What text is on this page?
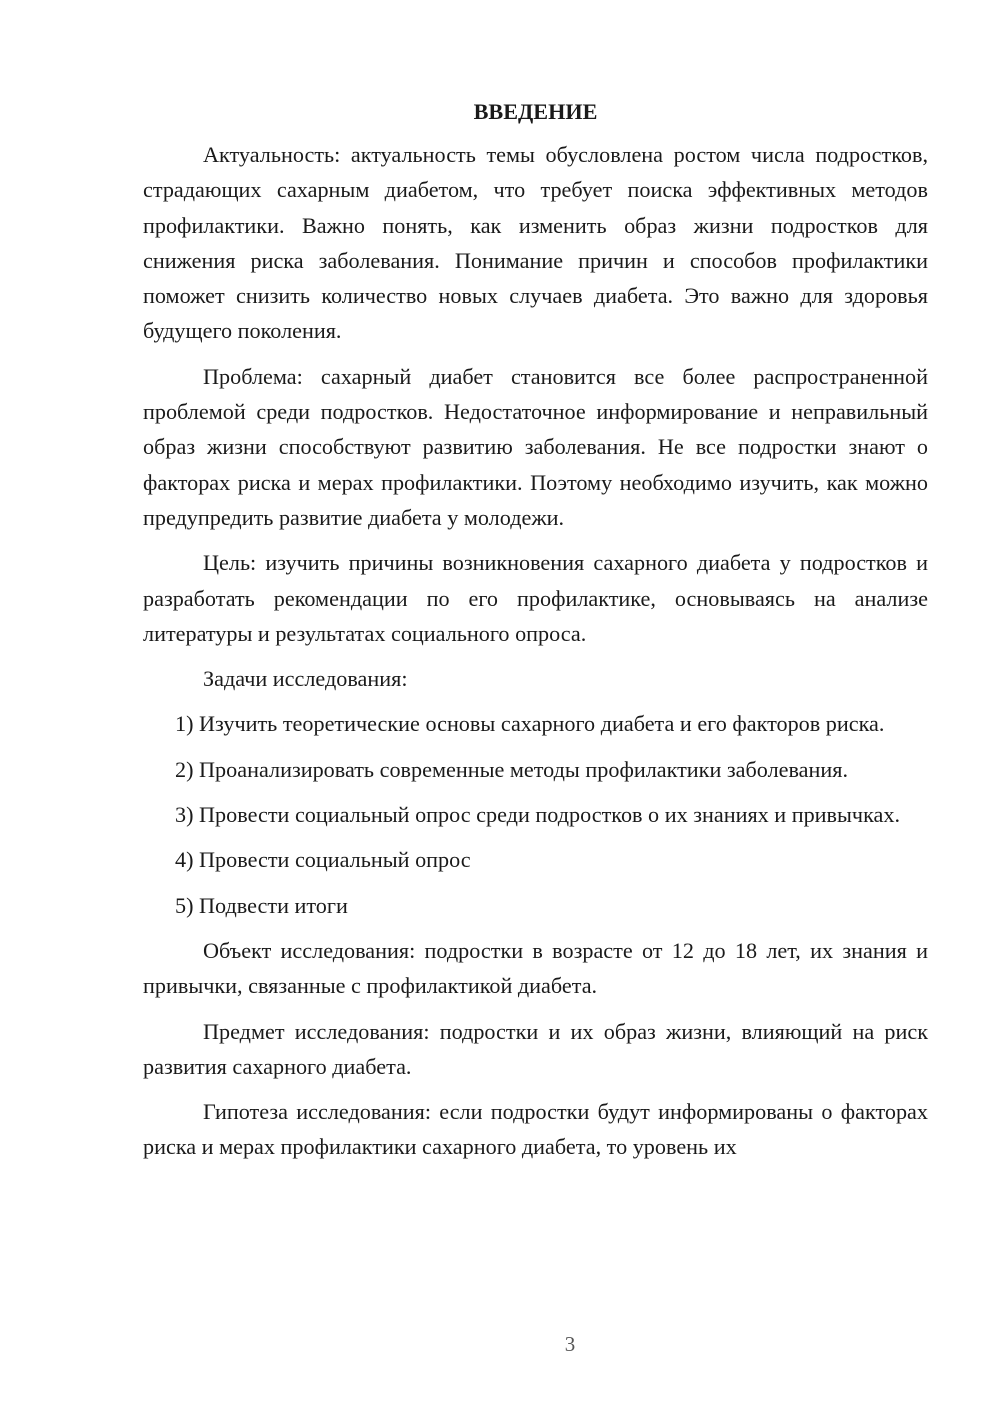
ВВЕДЕНИЕ

Актуальность: актуальность темы обусловлена ростом числа подростков, страдающих сахарным диабетом, что требует поиска эффективных методов профилактики. Важно понять, как изменить образ жизни подростков для снижения риска заболевания. Понимание причин и способов профилактики поможет снизить количество новых случаев диабета. Это важно для здоровья будущего поколения.

Проблема: сахарный диабет становится все более распространенной проблемой среди подростков. Недостаточное информирование и неправильный образ жизни способствуют развитию заболевания. Не все подростки знают о факторах риска и мерах профилактики. Поэтому необходимо изучить, как можно предупредить развитие диабета у молодежи.

Цель: изучить причины возникновения сахарного диабета у подростков и разработать рекомендации по его профилактике, основываясь на анализе литературы и результатах социального опроса.

Задачи исследования:

1) Изучить теоретические основы сахарного диабета и его факторов риска.

2) Проанализировать современные методы профилактики заболевания.

3) Провести социальный опрос среди подростков о их знаниях и привычках.

4) Провести социальный опрос

5) Подвести итоги

Объект исследования: подростки в возрасте от 12 до 18 лет, их знания и привычки, связанные с профилактикой диабета.

Предмет исследования: подростки и их образ жизни, влияющий на риск развития сахарного диабета.

Гипотеза исследования: если подростки будут информированы о факторах риска и мерах профилактики сахарного диабета, то уровень их

3
